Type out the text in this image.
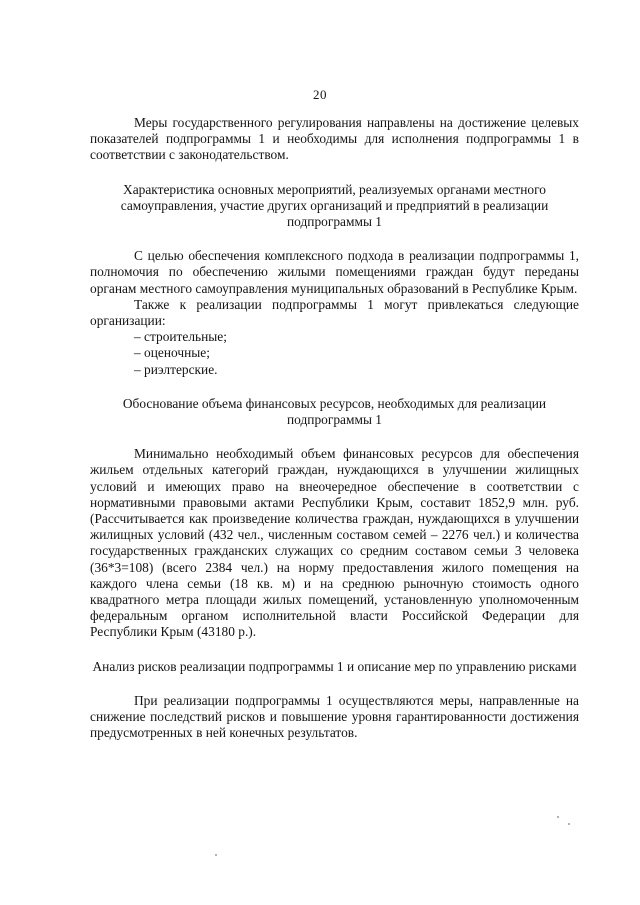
20

Меры государственного регулирования направлены на достижение целевых показателей подпрограммы 1 и необходимы для исполнения подпрограммы 1 в соответствии с законодательством.

Характеристика основных мероприятий, реализуемых органами местного самоуправления, участие других организаций и предприятий в реализации подпрограммы 1

С целью обеспечения комплексного подхода в реализации подпрограммы 1, полномочия по обеспечению жилыми помещениями граждан будут переданы органам местного самоуправления муниципальных образований в Республике Крым.

Также к реализации подпрограммы 1 могут привлекаться следующие организации:

– строительные;
– оценочные;
– риэлтерские.

Обоснование объема финансовых ресурсов, необходимых для реализации подпрограммы 1

Минимально необходимый объем финансовых ресурсов для обеспечения жильем отдельных категорий граждан, нуждающихся в улучшении жилищных условий и имеющих право на внеочередное обеспечение в соответствии с нормативными правовыми актами Республики Крым, составит 1852,9 млн. руб. (Рассчитывается как произведение количества граждан, нуждающихся в улучшении жилищных условий (432 чел., численным составом семей – 2276 чел.) и количества государственных гражданских служащих со средним составом семьи 3 человека (36*3=108) (всего 2384 чел.) на норму предоставления жилого помещения на каждого члена семьи (18 кв. м) и на среднюю рыночную стоимость одного квадратного метра площади жилых помещений, установленную уполномоченным федеральным органом исполнительной власти Российской Федерации для Республики Крым (43180 р.).

Анализ рисков реализации подпрограммы 1 и описание мер по управлению рисками

При реализации подпрограммы 1 осуществляются меры, направленные на снижение последствий рисков и повышение уровня гарантированности достижения предусмотренных в ней конечных результатов.
